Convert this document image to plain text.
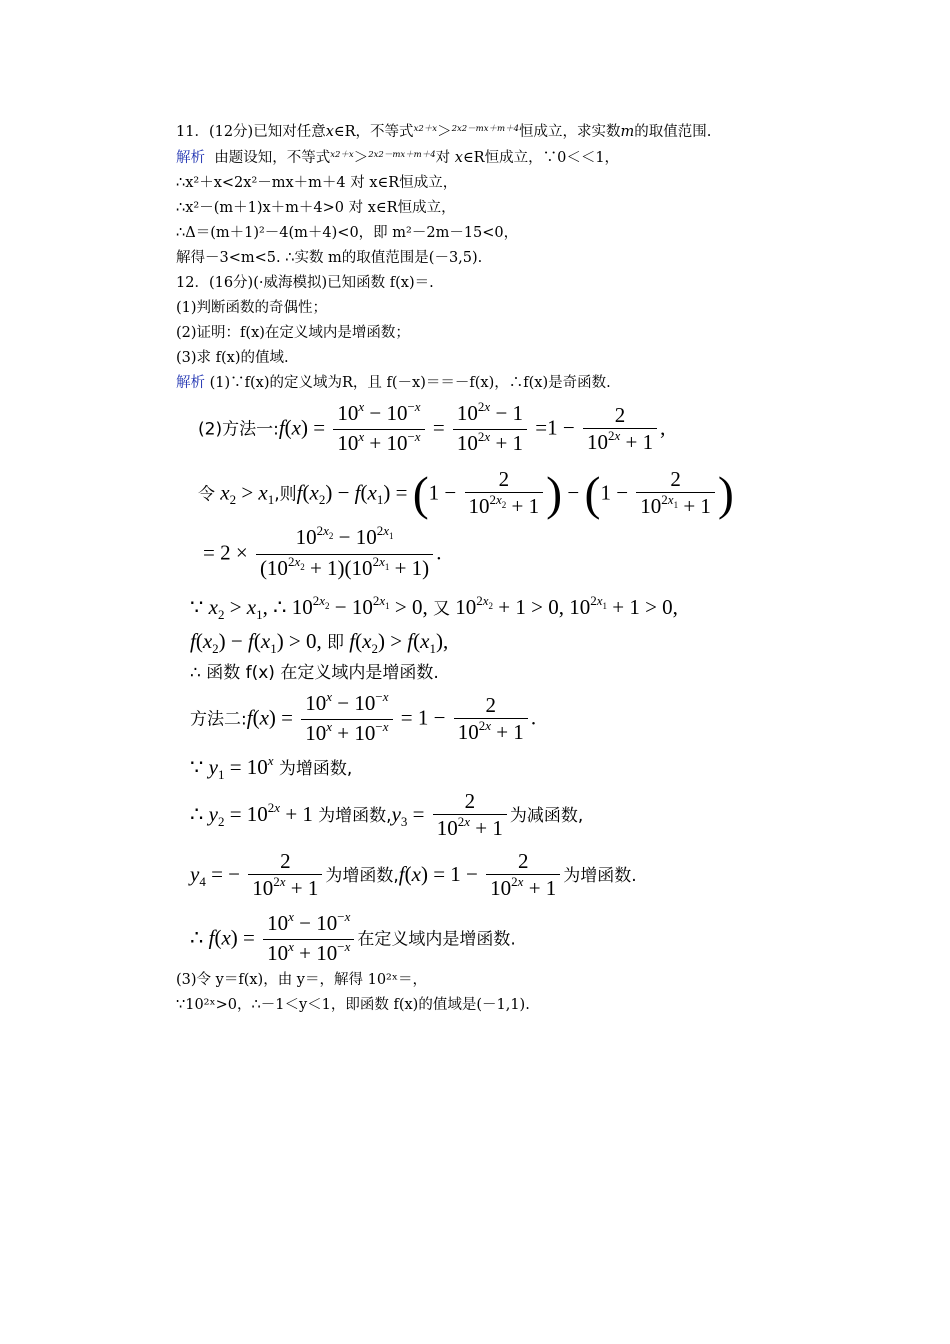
11．(12分)已知对任意x∈R，不等式$^{x2+x}$＞$^{2x2-mx+m+4}$恒成立，求实数m的取值范围.
解析 由题设知，不等式$^{x2+x}$＞$^{2x2-mx+m+4}$对 x∈R恒成立，∵0＜＜1，
∴x²＋x<2x²－mx＋m＋4 对 x∈R恒成立，
∴x²－(m＋1)x＋m＋4>0 对 x∈R恒成立，
∴Δ＝(m＋1)²－4(m＋4)<0，即 m²－2m－15<0，
解得－3<m<5. ∴实数 m的取值范围是(－3,5).
12．(16分)(·威海模拟)已知函数 f(x)＝.
(1)判断函数的奇偶性；
(2)证明：f(x)在定义域内是增函数；
(3)求 f(x)的值域.
解析 (1)∵f(x)的定义域为R，且 f(－x)＝＝－f(x)，∴f(x)是奇函数.
(2)方法一:f(x) = $\frac{10^x - 10^{-x}}{10^x + 10^{-x}} = \frac{10^{2x} - 1}{10^{2x} + 1} =1 - \frac{2}{10^{2x} + 1}$ ,
令 $x_2 > x_1$,则$f(x_2) - f(x_1) = (1 - \frac{2}{10^{2x_2} + 1}$ ) − ($1 - \frac{2}{10^{2x_1} + 1}$ )
= $2 \times \frac{10^{2x_2} - 10^{2x_1}}{(10^{2x_2} + 1)(10^{2x_1} + 1)}$ .
∵ $x_2 > x_1$, ∴ $10^{2x_2} - 10^{2x_1} > 0$, 又 $10^{2x_2} + 1 > 0$, $10^{2x_1} + 1 > 0$,
$f(x_2) - f(x_1) > 0$, 即 $f(x_2) > f(x_1)$,
∴ 函数 f(x) 在定义域内是增函数.
方法二:f(x) = $\frac{10^x - 10^{-x}}{10^x + 10^{-x}} = 1 - \frac{2}{10^{2x} + 1}$ .
∵ $y_1 = 10^x$ 为增函数,
∴ $y_2 = 10^{2x} + 1$ 为增函数$,y_3 = \frac{2}{10^{2x} + 1}$ 为减函数,
$y_4$ = − $\frac{2}{10^{2x} + 1}$ 为增函数$,f(x) = 1 - \frac{2}{10^{2x} + 1}$ 为增函数.
∴ $f(x) = \frac{10^x - 10^{-x}}{10^x + 10^{-x}}$ 在定义域内是增函数.
(3)令 y＝f(x)，由 y＝，解得 10²ˣ＝，
∵10²ˣ>0，∴－1＜y＜1，即函数 f(x)的值域是(－1,1).
